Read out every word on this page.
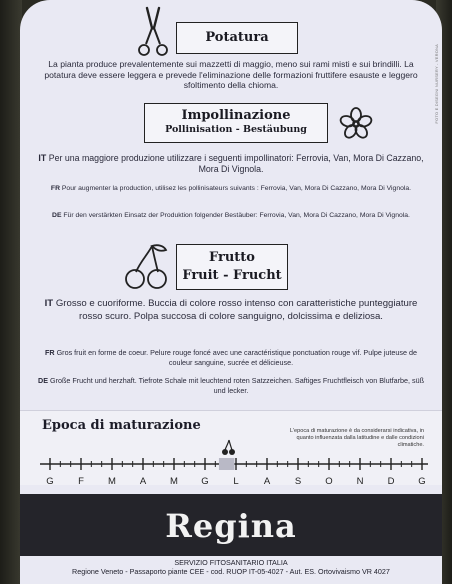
FOTO E DISEGNI NURSERY - VERONA
Potatura
La pianta produce prevalentemente sui mazzetti di maggio, meno sui rami misti e sui brindilli. La potatura deve essere leggera e prevede l'eliminazione delle formazioni fruttifere esauste e leggero sfoltimento della chioma.
Impollinazione
Pollinisation - Bestäubung
IT Per una maggiore produzione utilizzare i seguenti impollinatori: Ferrovia, Van, Mora Di Cazzano, Mora Di Vignola.
FR Pour augmenter la production, utilisez les pollinisateurs suivants : Ferrovia, Van, Mora Di Cazzano, Mora Di Vignola.
DE Für den verstärkten Einsatz der Produktion folgender Bestäuber: Ferrovia, Van, Mora Di Cazzano, Mora Di Vignola.
Frutto
Fruit - Frucht
IT Grosso e cuoriforme. Buccia di colore rosso intenso con caratteristiche punteggiature rosso scuro. Polpa succosa di colore sanguigno, dolcissima e deliziosa.
FR Gros fruit en forme de coeur. Pelure rouge foncé avec une caractéristique ponctuation rouge vif. Pulpe juteuse de couleur sanguine, sucrée et délicieuse.
DE Große Frucht und herzhaft. Tiefrote Schale mit leuchtend roten Satzzeichen. Saftiges Fruchtfleisch von Blutfarbe, süß und lecker.
Epoca di maturazione	L'epoca di maturazione è da considerarsi indicativa, in quanto influenzata dalla latitudine e dalle condizioni climatiche.
G	F	M	A	M	G	L	A	S	O	N	D	G
Regina
SERVIZIO FITOSANITARIO ITALIA
Regione Veneto - Passaporto piante CEE - cod. RUOP IT-05-4027 - Aut. ES. Ortovivaismo VR 4027
